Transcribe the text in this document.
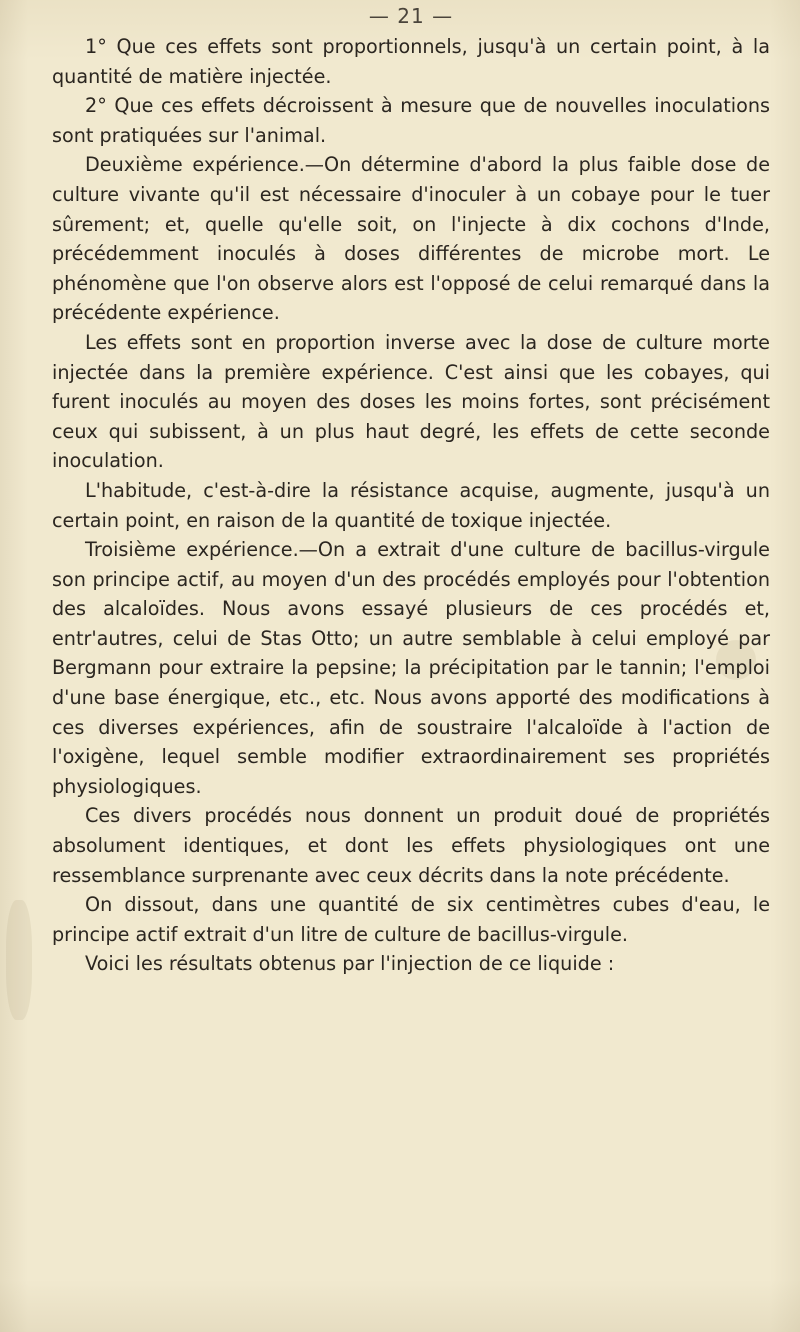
— 21 —

1° Que ces effets sont proportionnels, jusqu'à un certain point, à la quantité de matière injectée.

2° Que ces effets décroissent à mesure que de nouvelles inoculations sont pratiquées sur l'animal.

Deuxième expérience.—On détermine d'abord la plus faible dose de culture vivante qu'il est nécessaire d'inoculer à un cobaye pour le tuer sûrement; et, quelle qu'elle soit, on l'injecte à dix cochons d'Inde, précédemment inoculés à doses différentes de microbe mort. Le phénomène que l'on observe alors est l'opposé de celui remarqué dans la précédente expérience.

Les effets sont en proportion inverse avec la dose de culture morte injectée dans la première expérience. C'est ainsi que les cobayes, qui furent inoculés au moyen des doses les moins fortes, sont précisément ceux qui subissent, à un plus haut degré, les effets de cette seconde inoculation.

L'habitude, c'est-à-dire la résistance acquise, augmente, jusqu'à un certain point, en raison de la quantité de toxique injectée.

Troisième expérience.—On a extrait d'une culture de bacillus-virgule son principe actif, au moyen d'un des procédés employés pour l'obtention des alcaloïdes. Nous avons essayé plusieurs de ces procédés et, entr'autres, celui de Stas Otto; un autre semblable à celui employé par Bergmann pour extraire la pepsine; la précipitation par le tannin; l'emploi d'une base énergique, etc., etc. Nous avons apporté des modifications à ces diverses expériences, afin de soustraire l'alcaloïde à l'action de l'oxigène, lequel semble modifier extraordinairement ses propriétés physiologiques.

Ces divers procédés nous donnent un produit doué de propriétés absolument identiques, et dont les effets physiologiques ont une ressemblance surprenante avec ceux décrits dans la note précédente.

On dissout, dans une quantité de six centimètres cubes d'eau, le principe actif extrait d'un litre de culture de bacillus-virgule.

Voici les résultats obtenus par l'injection de ce liquide :
